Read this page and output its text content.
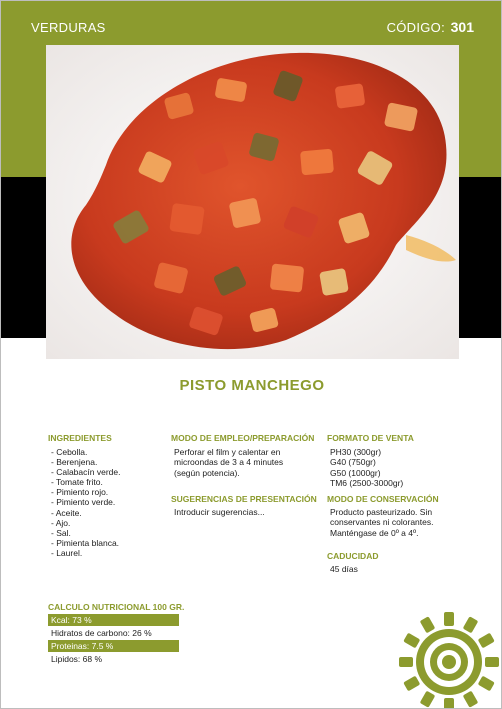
VERDURAS	CÓDIGO: 301
PISTO MANCHEGO
INGREDIENTES
- Cebolla.
- Berenjena.
- Calabacín verde.
- Tomate frito.
- Pimiento rojo.
- Pimiento verde.
- Aceite.
- Ajo.
- Sal.
- Pimienta blanca.
- Laurel.
MODO DE EMPLEO/PREPARACIÓN
Perforar el film y calentar en
microondas de 3 a 4 minutes
(según potencia).
SUGERENCIAS DE PRESENTACIÓN
Introducir sugerencias...
FORMATO DE VENTA
PH30 (300gr)
G40 (750gr)
G50 (1000gr)
TM6 (2500-3000gr)
MODO DE CONSERVACIÓN
Producto pasteurizado. Sin
conservantes ni colorantes.
Manténgase de 0º a 4º.
CADUCIDAD
45 días
CALCULO NUTRICIONAL 100 GR.
Kcal: 73 %
Hidratos de carbono: 26 %
Proteinas: 7.5 %
Lipidos: 68 %
